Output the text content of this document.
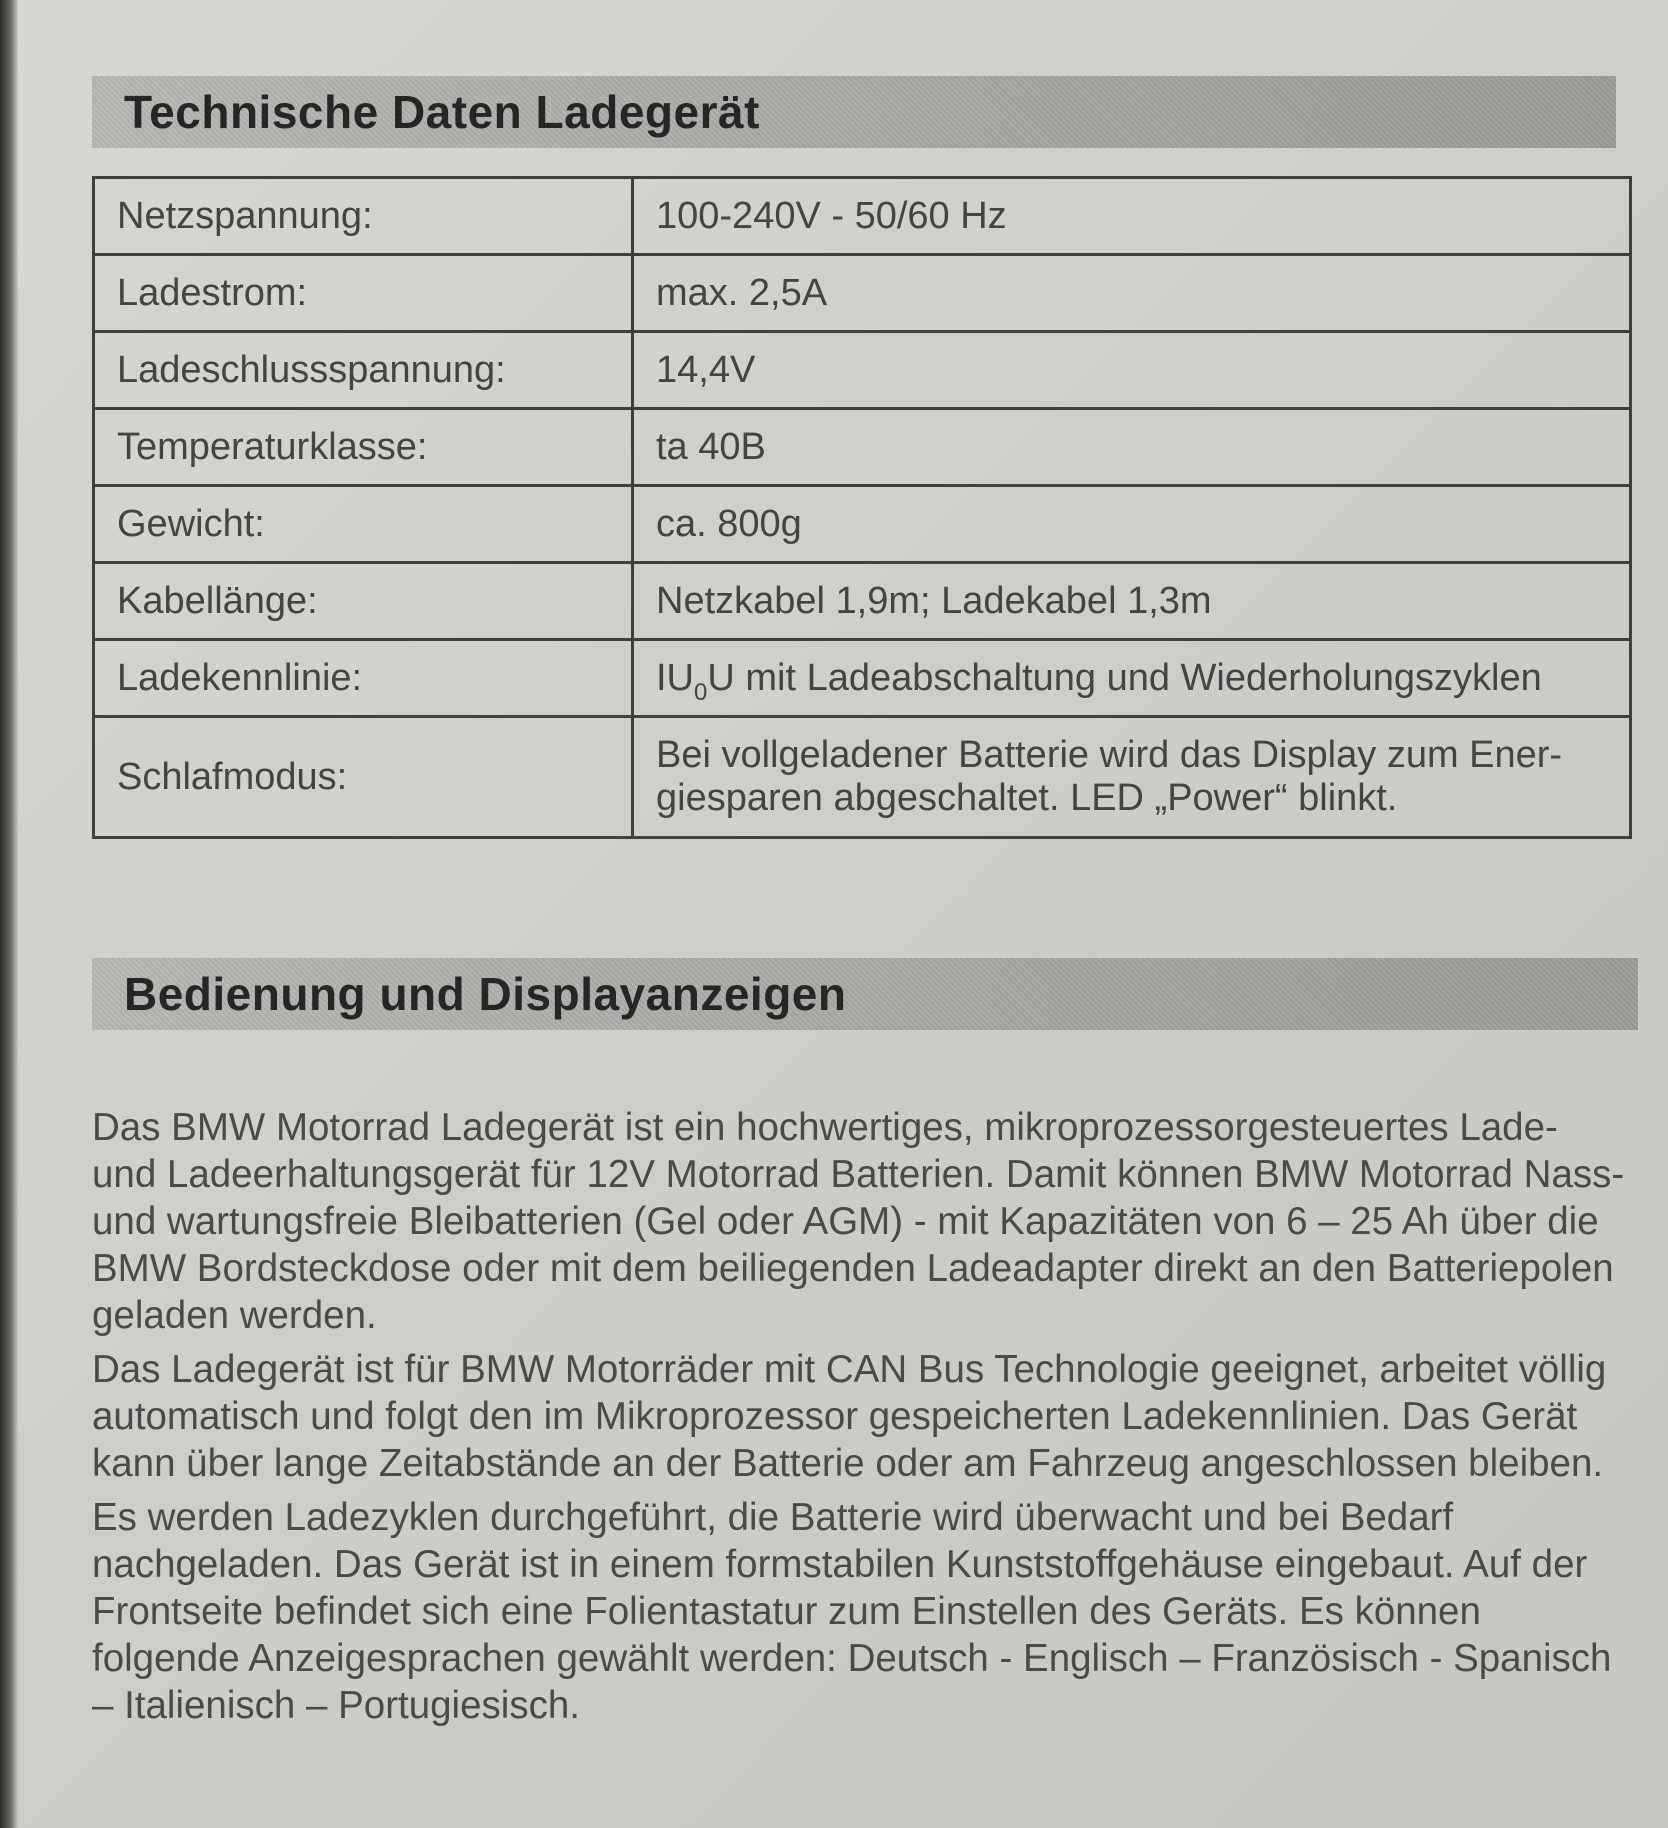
Technische Daten Ladegerät
Netzspannung:	100-240V - 50/60 Hz
Ladestrom:	max. 2,5A
Ladeschlussspannung:	14,4V
Temperaturklasse:	ta 40B
Gewicht:	ca. 800g
Kabellänge:	Netzkabel 1,9m; Ladekabel 1,3m
Ladekennlinie:	$IU_0U$ mit Ladeabschaltung und Wiederholungszyklen
Schlafmodus:	Bei vollgeladener Batterie wird das Display zum Ener-
giesparen abgeschaltet. LED „Power“ blinkt.
Bedienung und Displayanzeigen

Das BMW Motorrad Ladegerät ist ein hochwertiges, mikroprozessorgesteuertes Lade- und Ladeerhaltungsgerät für 12V Motorrad Batterien. Damit können BMW Motorrad Nass- und wartungsfreie Bleibatterien (Gel oder AGM) - mit Kapazitäten von 6 – 25 Ah über die BMW Bordsteckdose oder mit dem beiliegenden Ladeadapter direkt an den Batteriepolen geladen werden.

Das Ladegerät ist für BMW Motorräder mit CAN Bus Technologie geeignet, arbeitet völlig automatisch und folgt den im Mikroprozessor gespeicherten Ladekennlinien. Das Gerät kann über lange Zeitabstände an der Batterie oder am Fahrzeug angeschlossen bleiben.

Es werden Ladezyklen durchgeführt, die Batterie wird überwacht und bei Bedarf nachgeladen. Das Gerät ist in einem formstabilen Kunststoffgehäuse eingebaut. Auf der Frontseite befindet sich eine Folientastatur zum Einstellen des Geräts. Es können folgende Anzeigesprachen gewählt werden: Deutsch - Englisch – Französisch - Spanisch – Italienisch – Portugiesisch.
